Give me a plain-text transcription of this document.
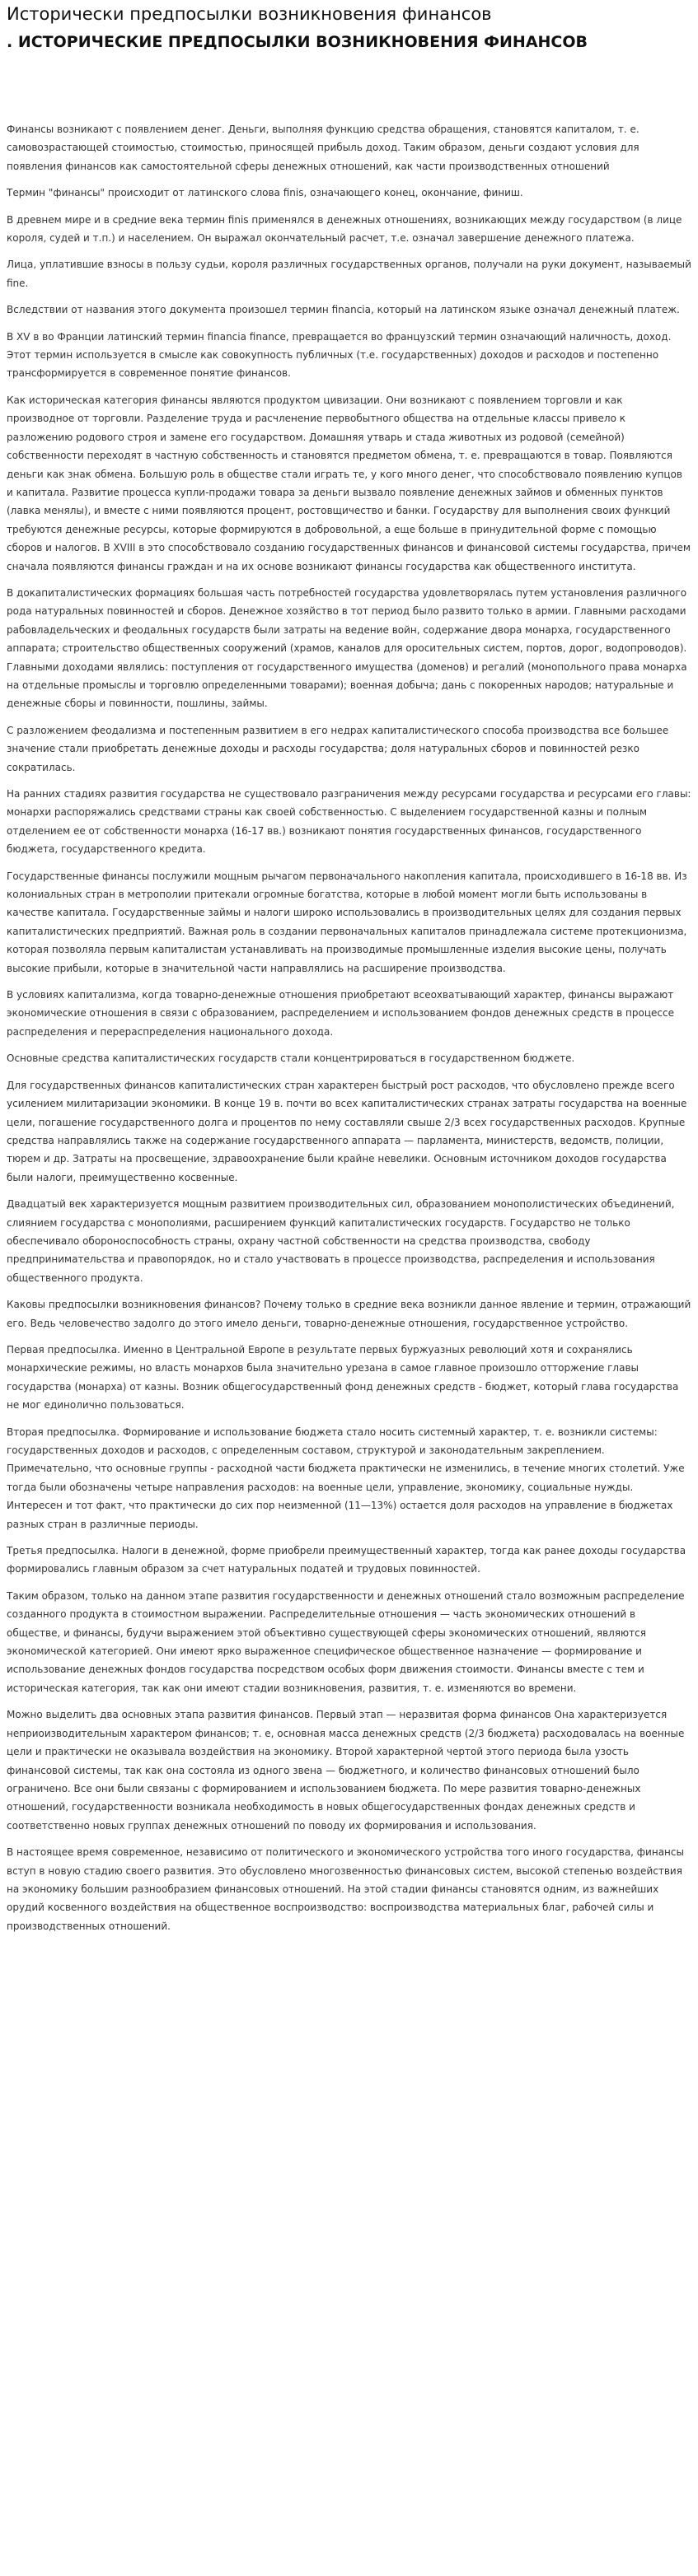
Исторически предпосылки возникновения финансов
. ИСТОРИЧЕСКИЕ ПРЕДПОСЫЛКИ ВОЗНИКНОВЕНИЯ ФИНАНСОВ

Финансы возникают с появлением денег. Деньги, выполняя функцию средства обращения, становятся капиталом, т. е. самовозрастающей стоимостью, стоимостью, приносящей прибыль доход. Таким образом, деньги создают условия для появления финансов как самостоятельной сферы денежных отношений, как части производственных отношений

Термин "финансы" происходит от латинского слова finis, означающего конец, окончание, финиш.

В древнем мире и в средние века термин finis применялся в денежных отношениях, возникающих между государством (в лице короля, судей и т.п.) и населением. Он выражал окончательный расчет, т.е. означал завершение денежного платежа.

Лица, уплатившие взносы в пользу судьи, короля различных государственных органов, получали на руки документ, называемый fine.

Вследствии от названия этого документа произошел термин financia, который на латинском языке означал денежный платеж.

В XV в во Франции латинский термин financia finance, превращается во французский термин означающий наличность, доход. Этот термин используется в смысле как совокупность публичных (т.е. государственных) доходов и расходов и постепенно трансформируется в современное понятие финансов.

Как историческая категория финансы являются продуктом цивизации. Они возникают с появлением торговли и как производное от торговли. Разделение труда и расчленение первобытного общества на отдельные классы привело к разложению родового строя и замене его государством. Домашняя утварь и стада животных из родовой (семейной) собственности переходят в частную собственность и становятся предметом обмена, т. е. превращаются в товар. Появляются деньги как знак обмена. Большую роль в обществе стали играть те, у кого много денег, что способствовало появлению купцов и капитала. Развитие процесса купли-продажи товара за деньги вызвало появление денежных займов и обменных пунктов (лавка менялы), и вместе с ними появляются процент, ростовщичество и банки. Государству для выполнения своих функций требуются денежные ресурсы, которые формируются в добровольной, а еще больше в принудительной форме с помощью сборов и налогов. В XVIII в это способствовало созданию государственных финансов и финансовой системы государства, причем сначала появляются финансы граждан и на их основе возникают финансы государства как общественного института.

В докапиталистических формациях большая часть потребностей государства удовлетворялась путем установления различного рода натуральных повинностей и сборов. Денежное хозяйство в тот период было развито только в армии. Главными расходами рабовладельческих и феодальных государств были затраты на ведение войн, содержание двора монарха, государственного аппарата; строительство общественных сооружений (храмов, каналов для оросительных систем, портов, дорог, водопроводов). Главными доходами являлись: поступления от государственного имущества (доменов) и регалий (монопольного права монарха на отдельные промыслы и торговлю определенными товарами); военная добыча; дань с покоренных народов; натуральные и денежные сборы и повинности, пошлины, займы.

С разложением феодализма и постепенным развитием в его недрах капиталистического способа производства все большее значение стали приобретать денежные доходы и расходы государства; доля натуральных сборов и повинностей резко сократилась.

На ранних стадиях развития государства не существовало разграничения между ресурсами государства и ресурсами его главы: монархи распоряжались средствами страны как своей собственностью. С выделением государственной казны и полным отделением ее от собственности монарха (16-17 вв.) возникают понятия государственных финансов, государственного бюджета, государственного кредита.

Государственные финансы послужили мощным рычагом первоначального накопления капитала, происходившего в 16-18 вв. Из колониальных стран в метрополии притекали огромные богатства, которые в любой момент могли быть использованы в качестве капитала. Государственные займы и налоги широко использовались в производительных целях для создания первых капиталистических предприятий. Важная роль в создании первоначальных капиталов принадлежала системе протекционизма, которая позволяла первым капиталистам устанавливать на производимые промышленные изделия высокие цены, получать высокие прибыли, которые в значительной части направлялись на расширение производства.

В условиях капитализма, когда товарно-денежные отношения приобретают всеохватывающий характер, финансы выражают экономические отношения в связи с образованием, распределением и использованием фондов денежных средств в процессе распределения и перераспределения национального дохода.

Основные средства капиталистических государств стали концентрироваться в государственном бюджете.

Для государственных финансов капиталистических стран характерен быстрый рост расходов, что обусловлено прежде всего усилением милитаризации экономики. В конце 19 в. почти во всех капиталистических странах затраты государства на военные цели, погашение государственного долга и процентов по нему составляли свыше 2/3 всех государственных расходов. Крупные средства направлялись также на содержание государственного аппарата — парламента, министерств, ведомств, полиции, тюрем и др. Затраты на просвещение, здравоохранение были крайне невелики. Основным источником доходов государства были налоги, преимущественно косвенные.

Двадцатый век характеризуется мощным развитием производительных сил, образованием монополистических объединений, слиянием государства с монополиями, расширением функций капиталистических государств. Государство не только обеспечивало обороноспособность страны, охрану частной собственности на средства производства, свободу предпринимательства и правопорядок, но и стало участвовать в процессе производства, распределения и использования общественного продукта.

Каковы предпосылки возникновения финансов? Почему только в средние века возникли данное явление и термин, отражающий его. Ведь человечество задолго до этого имело деньги, товарно-денежные отношения, государственное устройство.

Первая предпосылка. Именно в Центральной Европе в результате первых буржуазных революций хотя и сохранялись монархические режимы, но власть монархов была значительно урезана в самое главное произошло отторжение главы государства (монарха) от казны. Возник общегосударственный фонд денежных средств - бюджет, который глава государства не мог единолично пользоваться.

Вторая предпосылка. Формирование и использование бюджета стало носить системный характер, т. е. возникли системы: государственных доходов и расходов, с определенным составом, структурой и законодательным закреплением. Примечательно, что основные группы - расходной части бюджета практически не изменились, в течение многих столетий. Уже тогда были обозначены четыре направления расходов: на военные цели, управление, экономику, социальные нужды. Интересен и тот факт, что практически до сих пор неизменной (11—13%) остается доля расходов на управление в бюджетах разных стран в различные периоды.

Третья предпосылка. Налоги в денежной, форме приобрели преимущественный характер, тогда как ранее доходы государства формировались главным образом за счет натуральных податей и трудовых повинностей.

Таким образом, только на данном этапе развития государственности и денежных отношений стало возможным распределение созданного продукта в стоимостном выражении. Распределительные отношения — часть экономических отношений в обществе, и финансы, будучи выражением этой объективно существующей сферы экономических отношений, являются экономической категорией. Они имеют ярко выраженное специфическое общественное назначение — формирование и использование денежных фондов государства посредством особых форм движения стоимости. Финансы вместе с тем и историческая категория, так как они имеют стадии возникновения, развития, т. е. изменяются во времени.

Можно выделить два основных этапа развития финансов. Первый этап — неразвитая форма финансов Она характеризуется неприоизводительным характером финансов; т. е, основная масса денежных средств (2/3 бюджета) расходовалась на военные цели и практически не оказывала воздействия на экономику. Второй характерной чертой этого периода была узость финансовой системы, так как она состояла из одного звена — бюджетного, и количество финансовых отношений было ограничено. Все они были связаны с формированием и использованием бюджета. По мере развития товарно-денежных отношений, государственности возникала необходимость в новых общегосударственных фондах денежных средств и соответственно новых группах денежных отношений по поводу их формирования и использования.

В настоящее время современное, независимо от политического и экономического устройства того иного государства, финансы вступ в новую стадию своего развития. Это обусловлено многозвенностью финансовых систем, высокой степенью воздействия на экономику большим разнообразием финансовых отношений. На этой стадии финансы становятся одним, из важнейших орудий косвенного воздействия на общественное воспроизводство: воспроизводства материальных благ, рабочей силы и производственных отношений.
